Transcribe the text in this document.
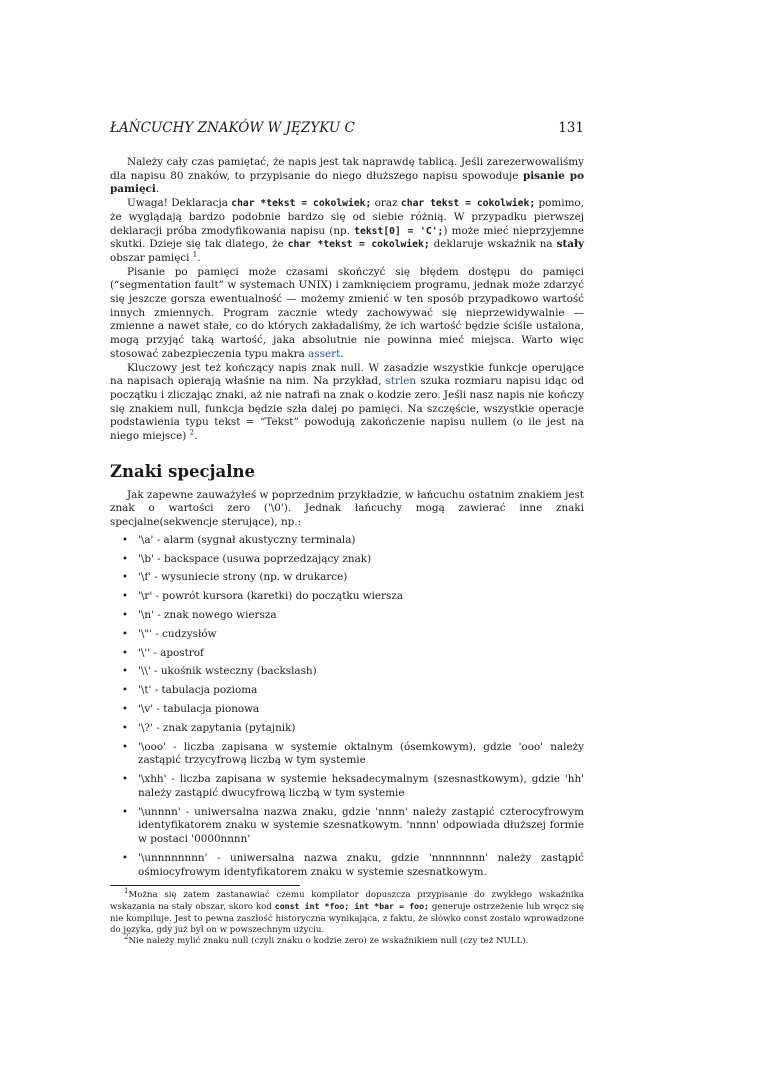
ŁAŃCUCHY ZNAKÓW W JĘZYKU C	131

Należy cały czas pamiętać, że napis jest tak naprawdę tablicą. Jeśli zarezerwowaliśmy dla napisu 80 znaków, to przypisanie do niego dłuższego napisu spowoduje pisanie po pamięci.

Uwaga! Deklaracja char *tekst = cokolwiek; oraz char tekst = cokolwiek; pomimo, że wyglądają bardzo podobnie bardzo się od siebie różnią. W przypadku pierwszej deklaracji próba zmodyfikowania napisu (np. tekst[0] = 'C';) może mieć nieprzyjemne skutki. Dzieje się tak dlatego, że char *tekst = cokolwiek; deklaruje wskaźnik na stały obszar pamięci $^1$.

Pisanie po pamięci może czasami skończyć się błędem dostępu do pamięci (“segmentation fault” w systemach UNIX) i zamknięciem programu, jednak może zdarzyć się jeszcze gorsza ewentualność — możemy zmienić w ten sposób przypadkowo wartość innych zmiennych. Program zacznie wtedy zachowywać się nieprzewidywalnie — zmienne a nawet stałe, co do których zakładaliśmy, że ich wartość będzie ściśle ustalona, mogą przyjąć taką wartość, jaka absolutnie nie powinna mieć miejsca. Warto więc stosować zabezpieczenia typu makra assert.

Kluczowy jest też kończący napis znak null. W zasadzie wszystkie funkcje operujące na napisach opierają właśnie na nim. Na przykład, strlen szuka rozmiaru napisu idąc od początku i zliczając znaki, aż nie natrafi na znak o kodzie zero. Jeśli nasz napis nie kończy się znakiem null, funkcja będzie szła dalej po pamięci. Na szczęście, wszystkie operacje podstawienia typu tekst = “Tekst” powodują zakończenie napisu nullem (o ile jest na niego miejsce) $^2$.

Znaki specjalne

Jak zapewne zauważyłeś w poprzednim przykładzie, w łańcuchu ostatnim znakiem jest znak o wartości zero ('\0'). Jednak łańcuchy mogą zawierać inne znaki specjalne(sekwencje sterujące), np.:

• '\a' - alarm (sygnał akustyczny terminala)
• '\b' - backspace (usuwa poprzedzający znak)
• '\f' - wysuniecie strony (np. w drukarce)
• '\r' - powrót kursora (karetki) do początku wiersza
• '\n' - znak nowego wiersza
• '\"' - cudzysłów
• '\'' - apostrof
• '\\' - ukośnik wsteczny (backslash)
• '\t' - tabulacja pozioma
• '\v' - tabulacja pionowa
• '\?' - znak zapytania (pytajnik)
• '\ooo' - liczba zapisana w systemie oktalnym (ósemkowym), gdzie 'ooo' należy zastąpić trzycyfrową liczbą w tym systemie
• '\xhh' - liczba zapisana w systemie heksadecymalnym (szesnastkowym), gdzie 'hh' należy zastąpić dwucyfrową liczbą w tym systemie
• '\unnnn' - uniwersalna nazwa znaku, gdzie 'nnnn' należy zastąpić czterocyfrowym identyfikatorem znaku w systemie szesnatkowym. 'nnnn' odpowiada dłuższej formie w postaci '0000nnnn'
• '\unnnnnnnn' - uniwersalna nazwa znaku, gdzie 'nnnnnnnn' należy zastąpić ośmiocyfrowym identyfikatorem znaku w systemie szesnatkowym.

$^1$Można się zatem zastanawiać czemu kompilator dopuszcza przypisanie do zwykłego wskaźnika wskazania na stały obszar, skoro kod const int *foo; int *bar = foo; generuje ostrzeżenie lub wręcz się nie kompiluje. Jest to pewna zaszłość historyczna wynikająca, z faktu, że słówko const zostało wprowadzone do języka, gdy już był on w powszechnym użyciu.

$^2$Nie należy mylić znaku null (czyli znaku o kodzie zero) ze wskaźnikiem null (czy też NULL).
